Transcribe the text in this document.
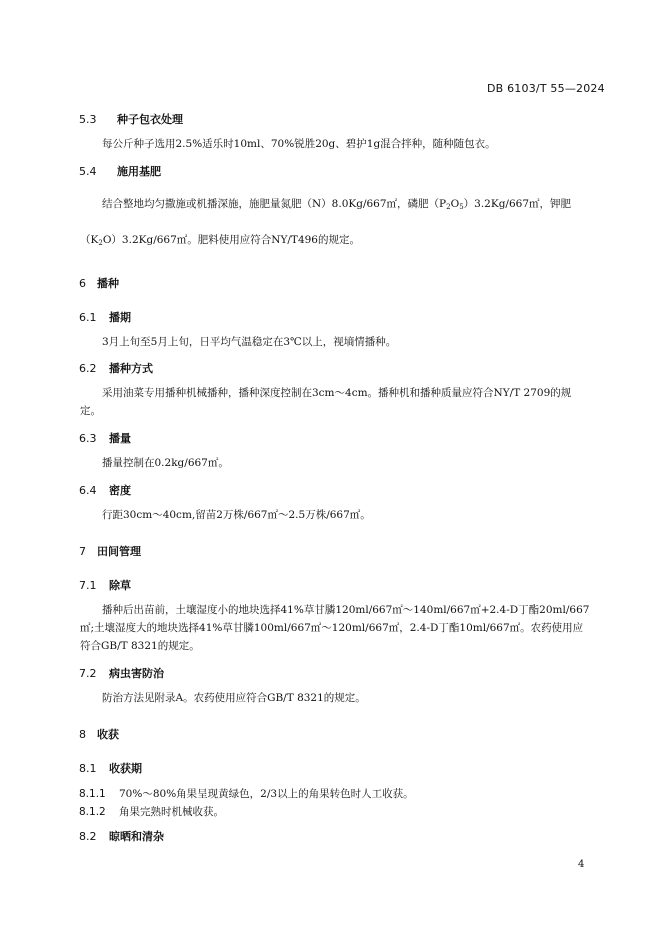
DB 6103/T 55—2024
5.3 种子包衣处理
每公斤种子选用2.5%适乐时10ml、70%锐胜20g、碧护1g混合拌种，随种随包衣。
5.4 施用基肥
结合整地均匀撒施或机播深施，施肥量氮肥（N）8.0Kg/667㎡，磷肥$(P_2O_5)3.2Kg/667㎡$，钾肥
$(K_2O)3.2Kg/667㎡$。肥料使用应符合NY/T496的规定。
6 播种
6.1 播期
3月上旬至5月上旬，日平均气温稳定在3℃以上，视墒情播种。
6.2 播种方式
采用油菜专用播种机械播种，播种深度控制在3cm～4cm。播种机和播种质量应符合NY/T 2709的规
定。
6.3 播量
播量控制在0.2kg/667㎡。
6.4 密度
行距30cm～40cm,留苗2万株/667㎡～2.5万株/667㎡。
7 田间管理
7.1 除草
播种后出苗前，土壤湿度小的地块选择41%草甘膦120ml/667㎡～140ml/667㎡+2.4-D丁酯20ml/667
㎡;土壤湿度大的地块选择41%草甘膦100ml/667㎡～120ml/667㎡，2.4-D丁酯10ml/667㎡。农药使用应
符合GB/T 8321的规定。
7.2 病虫害防治
防治方法见附录A。农药使用应符合GB/T 8321的规定。
8 收获
8.1 收获期
8.1.1 70%～80%角果呈现黄绿色，2/3以上的角果转色时人工收获。
8.1.2 角果完熟时机械收获。
8.2 晾晒和清杂
4
